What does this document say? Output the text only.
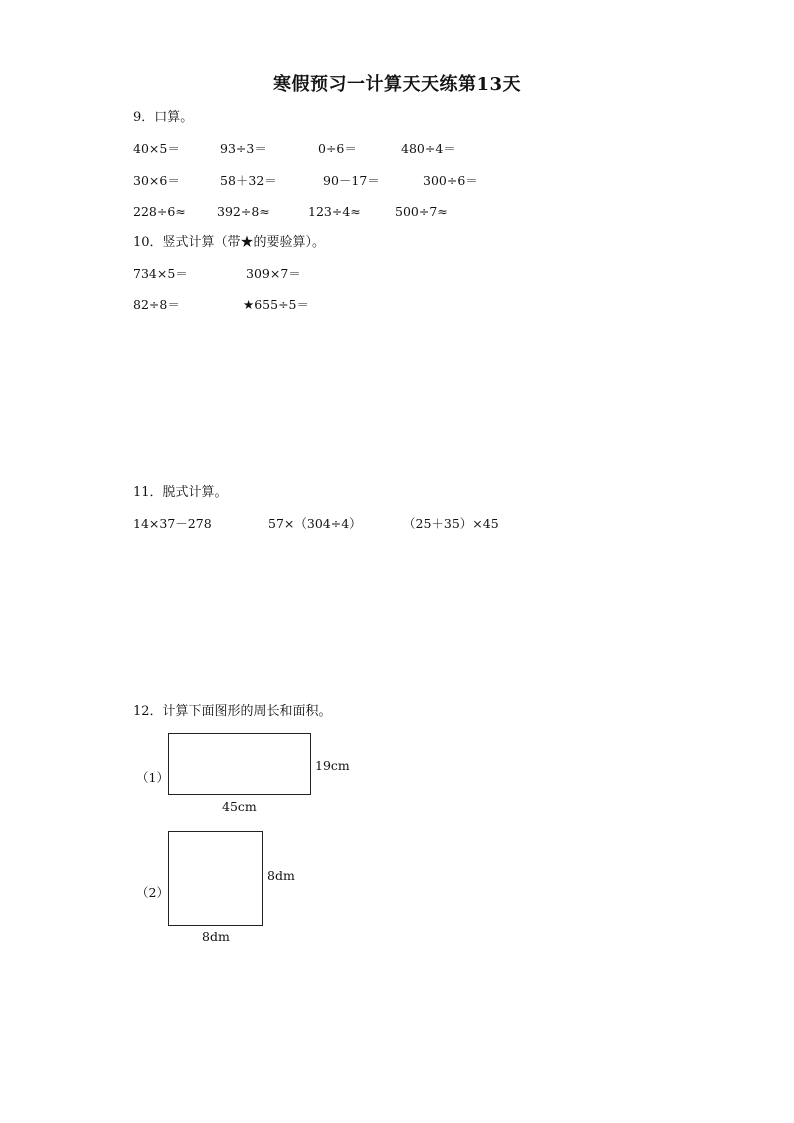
寒假预习一计算天天练第13天
9．口算。
40×5＝	93÷3＝	0÷6＝	480÷4＝
30×6＝	58＋32＝	90－17＝	300÷6＝
228÷6≈ 392÷8≈	123÷4≈	500÷7≈
10．竖式计算（带★的要验算）。
734×5＝	309×7＝
82÷8＝	★655÷5＝
11．脱式计算。
14×37－278	57×（304÷4）	（25＋35）×45
12．计算下面图形的周长和面积。
（1）
19cm
45cm
（2）
8dm
8dm
